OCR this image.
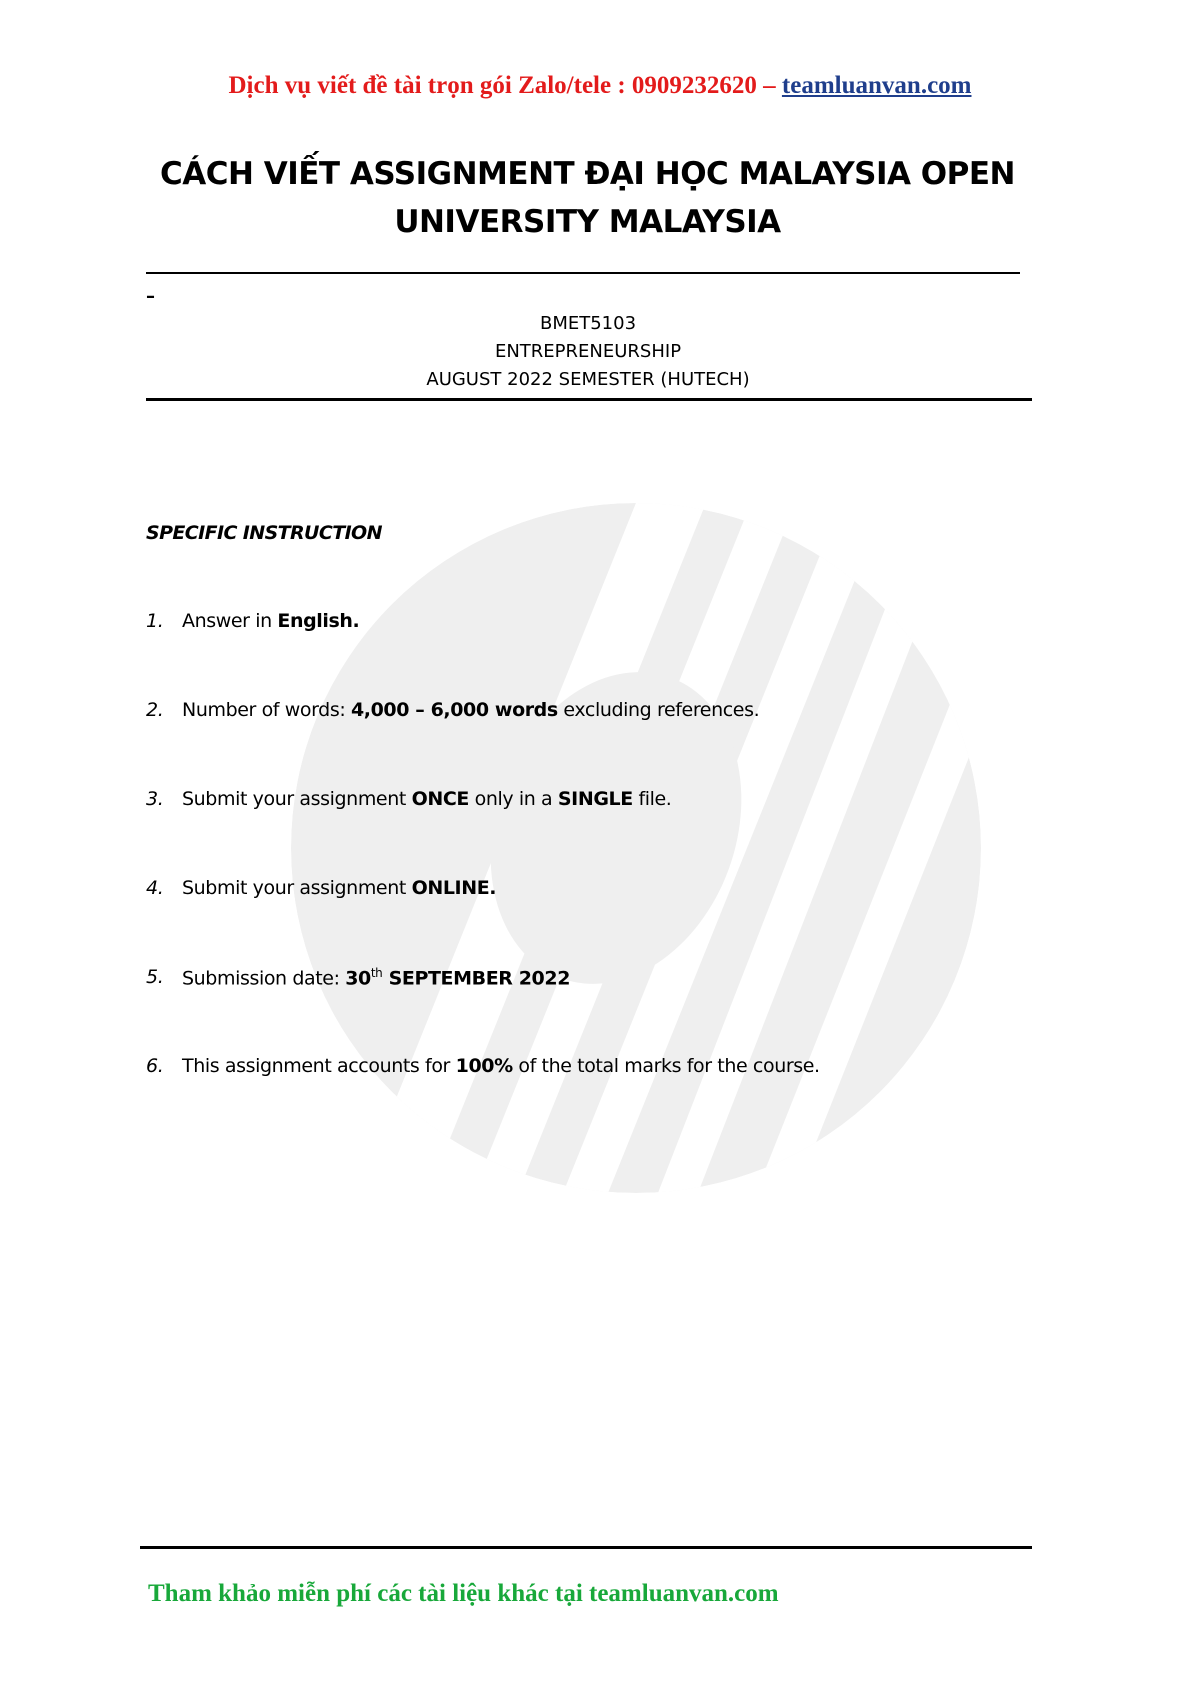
Dịch vụ viết đề tài trọn gói Zalo/tele : 0909232620 – teamluanvan.com
CÁCH VIẾT ASSIGNMENT ĐẠI HỌC MALAYSIA OPEN
UNIVERSITY MALAYSIA
–
BMET5103
ENTREPRENEURSHIP
AUGUST 2022 SEMESTER (HUTECH)
SPECIFIC INSTRUCTION
1. Answer in English.
2. Number of words: 4,000 – 6,000 words excluding references.
3. Submit your assignment ONCE only in a SINGLE file.
4. Submit your assignment ONLINE.
5. Submission date: 30th SEPTEMBER 2022
6. This assignment accounts for 100% of the total marks for the course.
Tham khảo miễn phí các tài liệu khác tại teamluanvan.com
